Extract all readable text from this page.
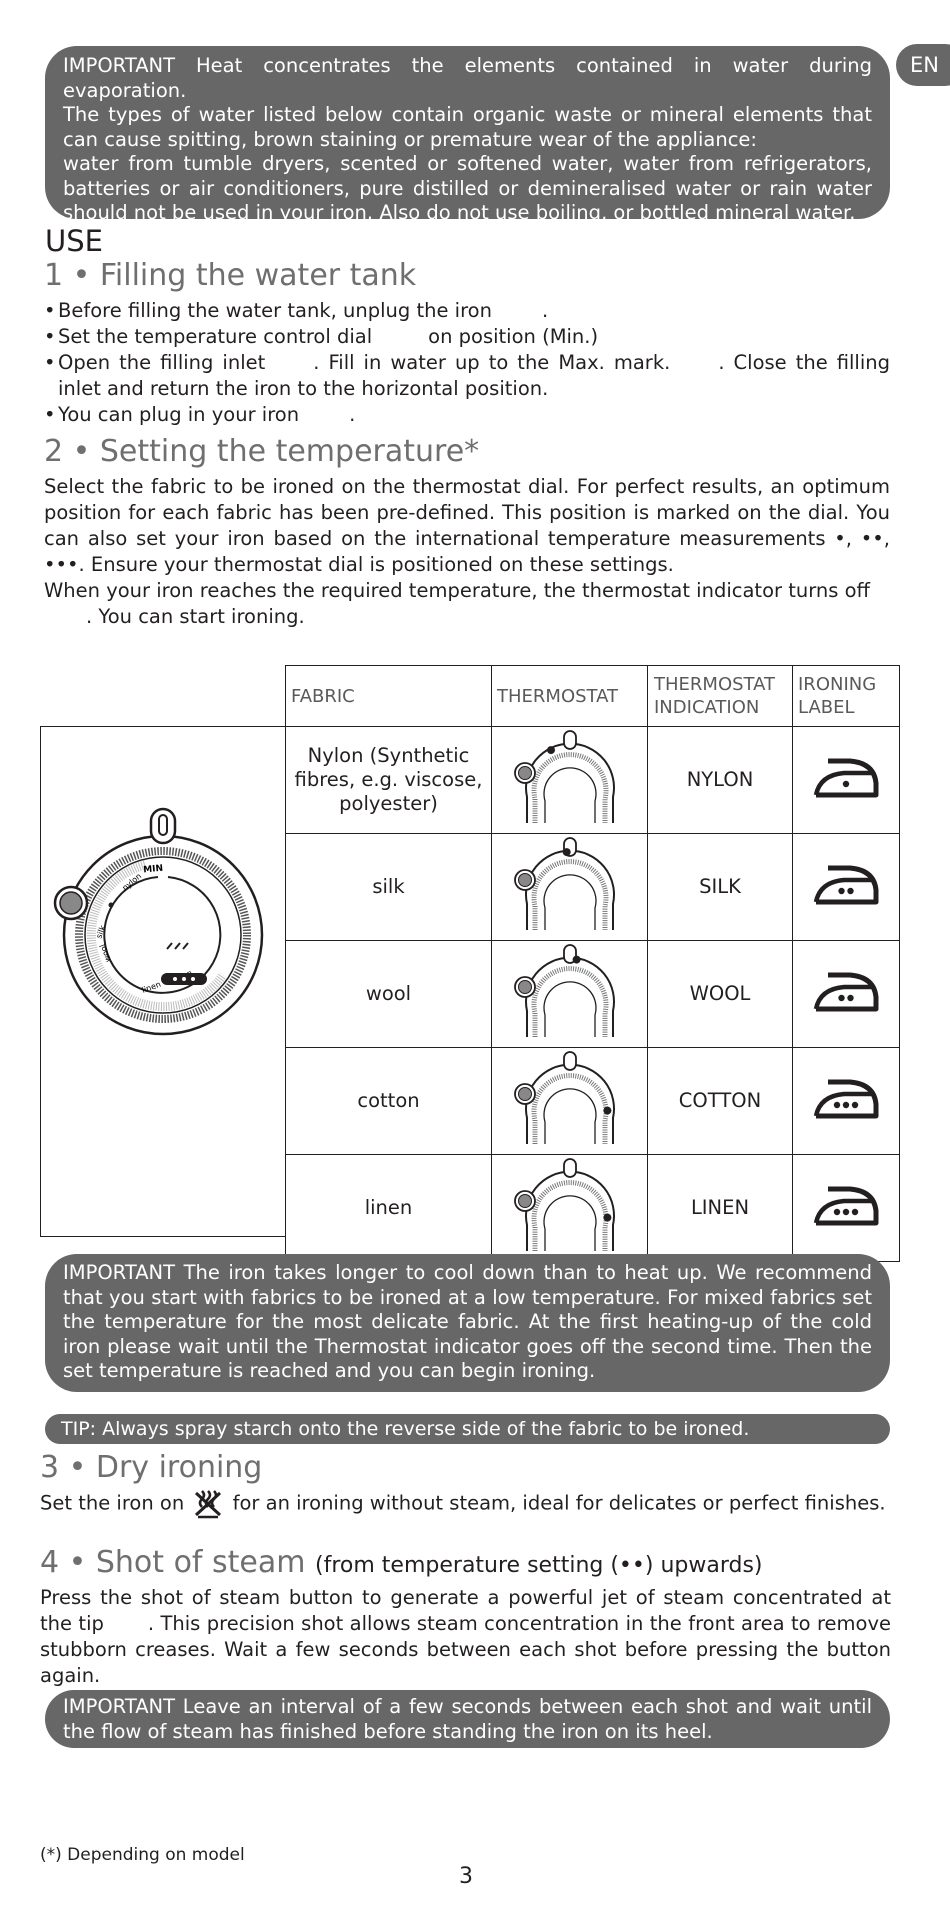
IMPORTANT Heat concentrates the elements contained in water during evaporation.

The types of water listed below contain organic waste or mineral elements that can cause spitting, brown staining or premature wear of the appliance:

water from tumble dryers, scented or softened water, water from refrigerators, batteries or air conditioners, pure distilled or demineralised water or rain water should not be used in your iron. Also do not use boiling, or bottled mineral water.

EN
USE
1 • Filling the water tank
• Before filling the water tank, unplug the iron	.
• Set the temperature control dial	on position (Min.)
• Open the filling inlet . Fill in water up to the Max. mark. . Close the filling inlet and return the iron to the horizontal position.
• You can plug in your iron	.
2 • Setting the temperature*

Select the fabric to be ironed on the thermostat dial. For perfect results, an optimum position for each fabric has been pre-defined. This position is marked on the dial. You can also set your iron based on the international temperature measurements •, ••, •••. Ensure your thermostat dial is positioned on these settings.

When your iron reaches the required temperature, the thermostat indicator turns off
. You can start ironing.

MIN
nylon
silk
wool
linen
FABRIC	THERMOSTAT	THERMOSTAT INDICATION	IRONING LABEL
Nylon (Synthetic fibres, e.g. viscose, polyester)		NYLON	
silk		SILK	
wool		WOOL	
cotton		COTTON	
linen		LINEN	

IMPORTANT The iron takes longer to cool down than to heat up. We recommend that you start with fabrics to be ironed at a low temperature. For mixed fabrics set the temperature for the most delicate fabric. At the first heating-up of the cold iron please wait until the Thermostat indicator goes off the second time. Then the set temperature is reached and you can begin ironing.

TIP: Always spray starch onto the reverse side of the fabric to be ironed.
3 • Dry ironing
Set the iron on for an ironing without steam, ideal for delicates or perfect finishes.
4 • Shot of steam (from temperature setting (••) upwards)

Press the shot of steam button to generate a powerful jet of steam concentrated at the tip . This precision shot allows steam concentration in the front area to remove stubborn creases. Wait a few seconds between each shot before pressing the button again.

IMPORTANT Leave an interval of a few seconds between each shot and wait until the flow of steam has finished before standing the iron on its heel.

(*) Depending on model
3
